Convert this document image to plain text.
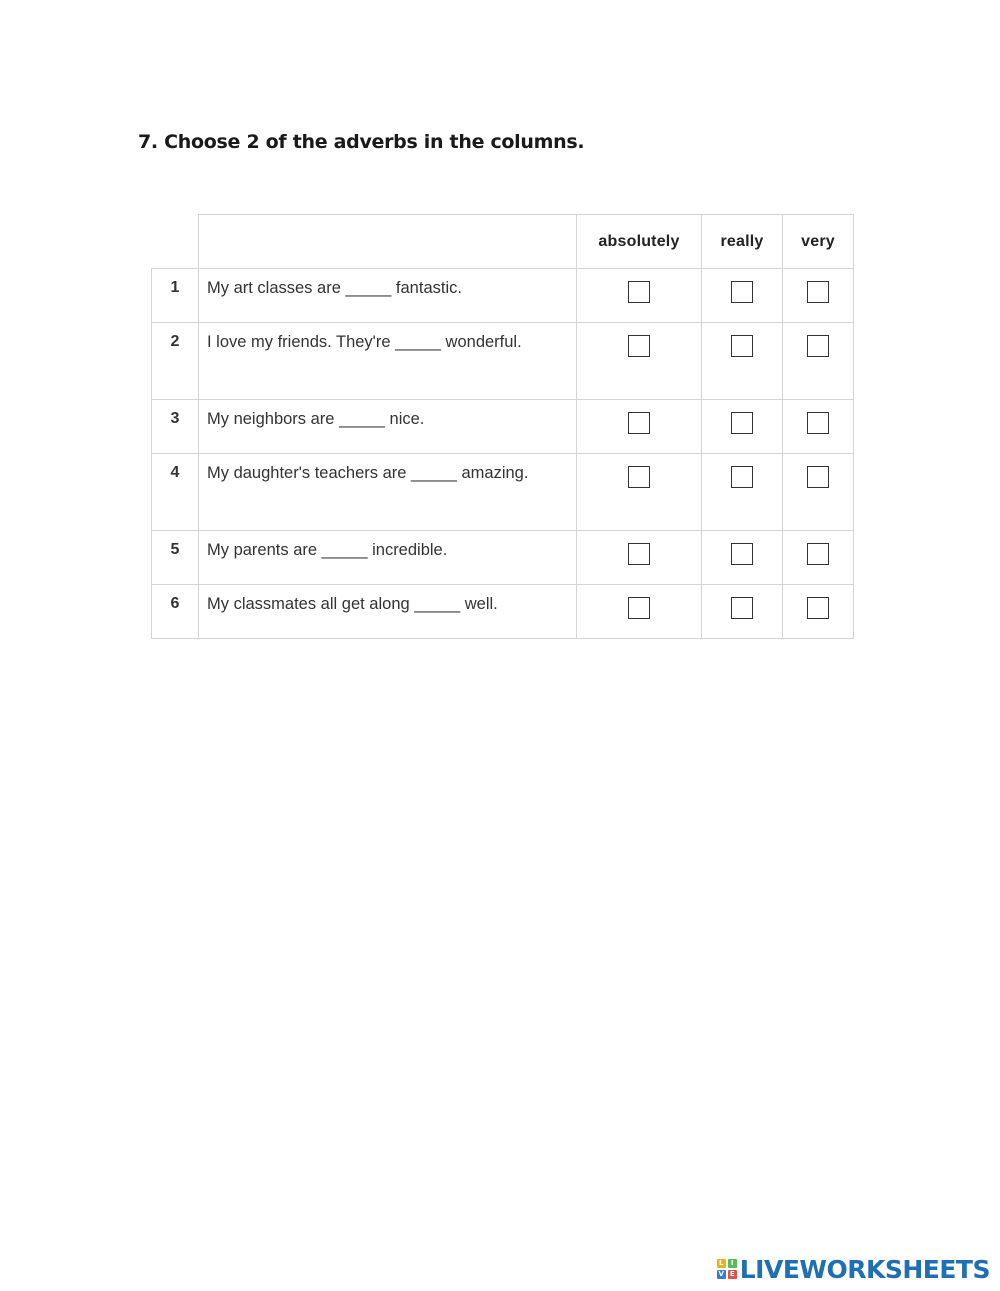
7. Choose 2 of the adverbs in the columns.
		absolutely	really	very
1	My art classes are _____ fantastic.			
2	I love my friends. They're _____ wonderful.			
3	My neighbors are _____ nice.			
4	My daughter's teachers are _____ amazing.			
5	My parents are _____ incredible.			
6	My classmates all get along _____ well.			
L	I
V E LIVEWORKSHEETS
